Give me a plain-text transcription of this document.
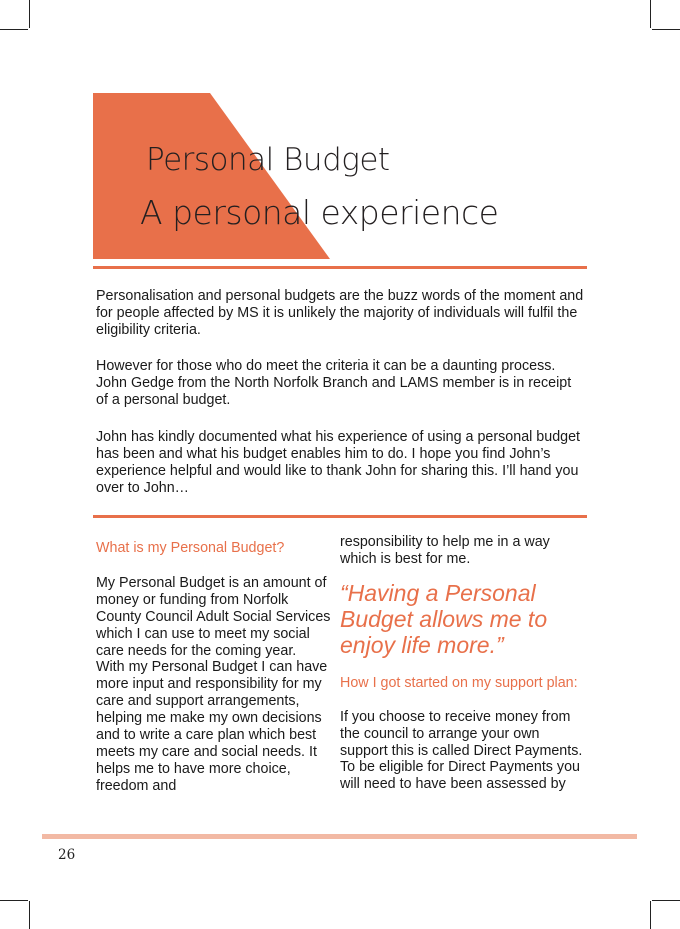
Personal Budget
A personal experience

Personalisation and personal budgets are the buzz words of the moment and for people affected by MS it is unlikely the majority of individuals will fulfil the eligibility criteria.

However for those who do meet the criteria it can be a daunting process. John Gedge from the North Norfolk Branch and LAMS member is in receipt of a personal budget.

John has kindly documented what his experience of using a personal budget has been and what his budget enables him to do. I hope you find John’s experience helpful and would like to thank John for sharing this. I’ll hand you over to John…

What is my Personal Budget?

My Personal Budget is an amount of money or funding from Norfolk County Council Adult Social Services which I can use to meet my social care needs for the coming year.

With my Personal Budget I can have more input and responsibility for my care and support arrangements, helping me make my own decisions and to write a care plan which best meets my care and social needs. It helps me to have more choice, freedom and

responsibility to help me in a way which is best for me.

“Having a Personal Budget allows me to enjoy life more.”

How I got started on my support plan:

If you choose to receive money from the council to arrange your own support this is called Direct Payments. To be eligible for Direct Payments you will need to have been assessed by

26
